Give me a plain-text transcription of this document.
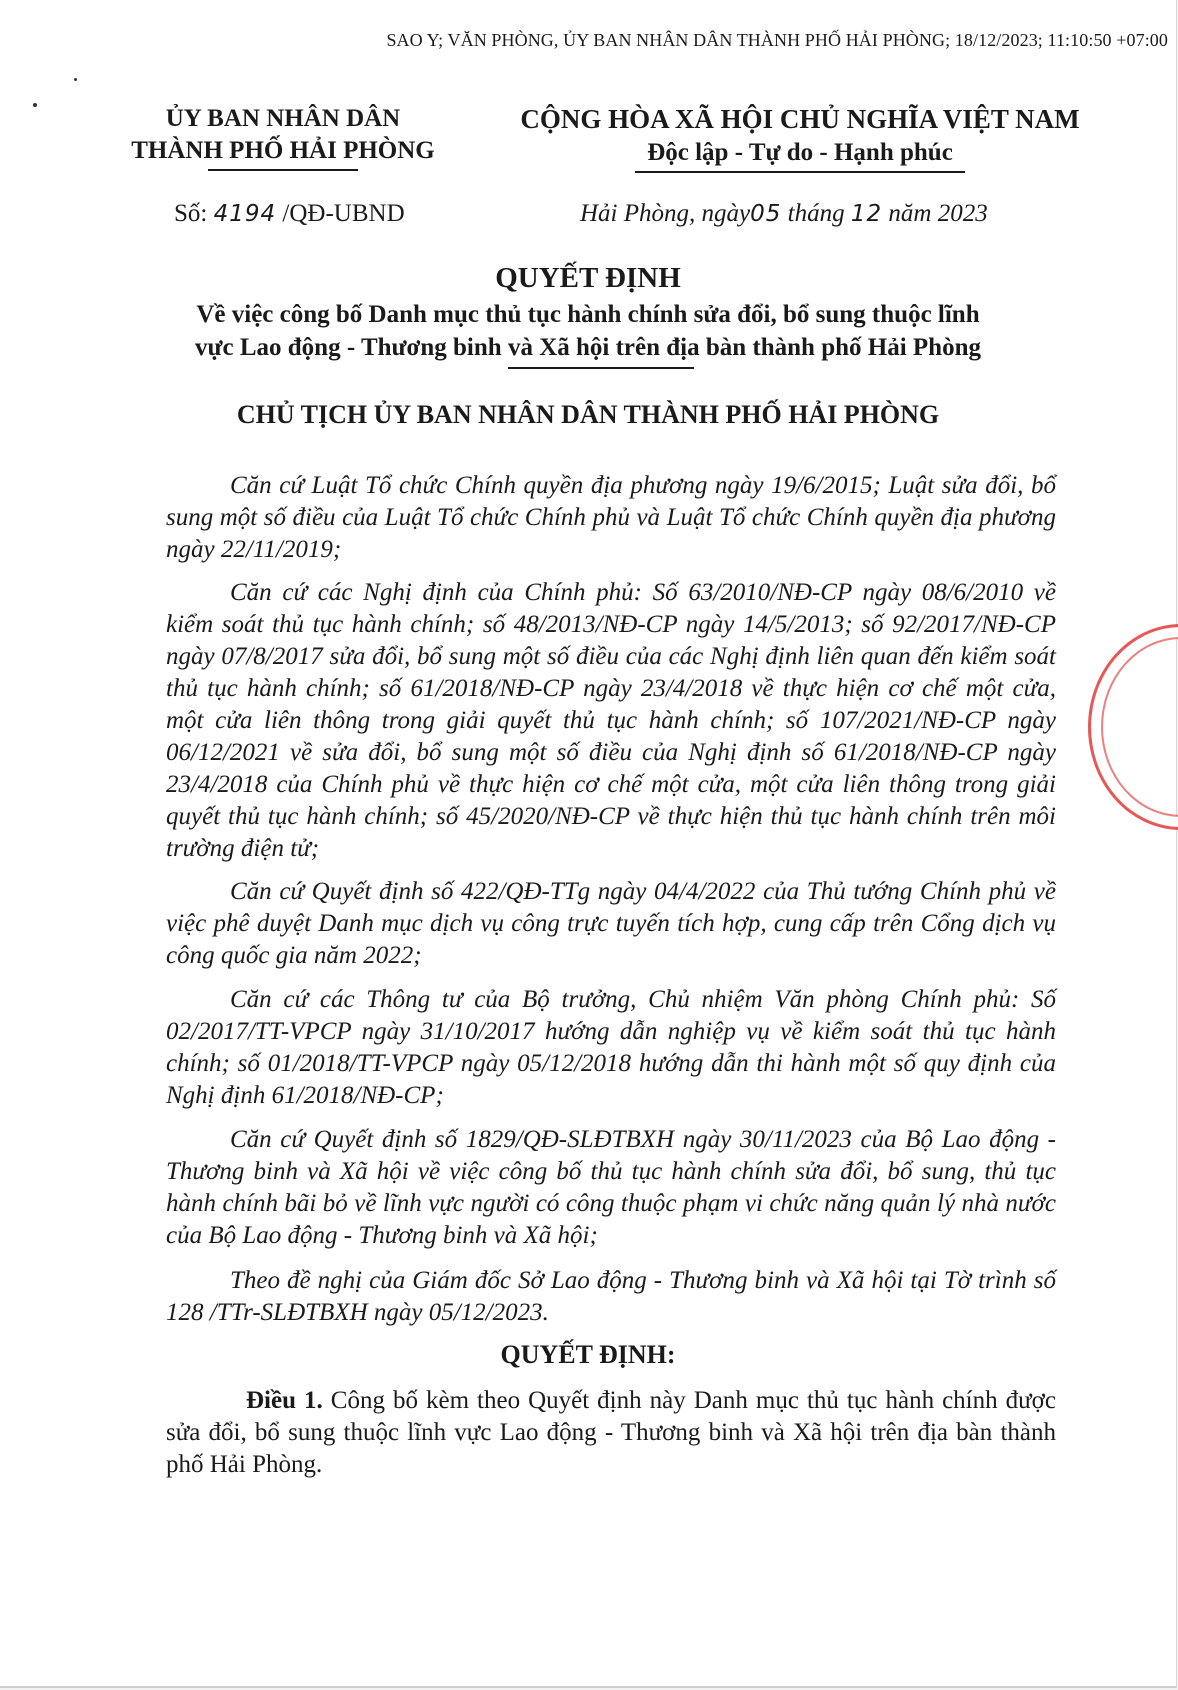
SAO Y; VĂN PHÒNG, ỦY BAN NHÂN DÂN THÀNH PHỐ HẢI PHÒNG; 18/12/2023; 11:10:50 +07:00
ỦY BAN NHÂN DÂN
THÀNH PHỐ HẢI PHÒNG
CỘNG HÒA XÃ HỘI CHỦ NGHĨA VIỆT NAM
Độc lập - Tự do - Hạnh phúc
Số: 4194 /QĐ-UBND	Hải Phòng, ngày05 tháng 12 năm 2023
QUYẾT ĐỊNH
Về việc công bố Danh mục thủ tục hành chính sửa đổi, bổ sung thuộc lĩnh
vực Lao động - Thương binh và Xã hội trên địa bàn thành phố Hải Phòng
CHỦ TỊCH ỦY BAN NHÂN DÂN THÀNH PHỐ HẢI PHÒNG
Căn cứ Luật Tổ chức Chính quyền địa phương ngày 19/6/2015; Luật sửa đổi, bổ sung một số điều của Luật Tổ chức Chính phủ và Luật Tổ chức Chính quyền địa phương ngày 22/11/2019;
Căn cứ các Nghị định của Chính phủ: Số 63/2010/NĐ-CP ngày 08/6/2010 về kiểm soát thủ tục hành chính; số 48/2013/NĐ-CP ngày 14/5/2013; số 92/2017/NĐ-CP ngày 07/8/2017 sửa đổi, bổ sung một số điều của các Nghị định liên quan đến kiểm soát thủ tục hành chính; số 61/2018/NĐ-CP ngày 23/4/2018 về thực hiện cơ chế một cửa, một cửa liên thông trong giải quyết thủ tục hành chính; số 107/2021/NĐ-CP ngày 06/12/2021 về sửa đổi, bổ sung một số điều của Nghị định số 61/2018/NĐ-CP ngày 23/4/2018 của Chính phủ về thực hiện cơ chế một cửa, một cửa liên thông trong giải quyết thủ tục hành chính; số 45/2020/NĐ-CP về thực hiện thủ tục hành chính trên môi trường điện tử;
Căn cứ Quyết định số 422/QĐ-TTg ngày 04/4/2022 của Thủ tướng Chính phủ về việc phê duyệt Danh mục dịch vụ công trực tuyến tích hợp, cung cấp trên Cổng dịch vụ công quốc gia năm 2022;
Căn cứ các Thông tư của Bộ trưởng, Chủ nhiệm Văn phòng Chính phủ: Số 02/2017/TT-VPCP ngày 31/10/2017 hướng dẫn nghiệp vụ về kiểm soát thủ tục hành chính; số 01/2018/TT-VPCP ngày 05/12/2018 hướng dẫn thi hành một số quy định của Nghị định 61/2018/NĐ-CP;
Căn cứ Quyết định số 1829/QĐ-SLĐTBXH ngày 30/11/2023 của Bộ Lao động - Thương binh và Xã hội về việc công bố thủ tục hành chính sửa đổi, bổ sung, thủ tục hành chính bãi bỏ về lĩnh vực người có công thuộc phạm vi chức năng quản lý nhà nước của Bộ Lao động - Thương binh và Xã hội;
Theo đề nghị của Giám đốc Sở Lao động - Thương binh và Xã hội tại Tờ trình số 128 /TTr-SLĐTBXH ngày 05/12/2023.
QUYẾT ĐỊNH:
Điều 1. Công bố kèm theo Quyết định này Danh mục thủ tục hành chính được sửa đổi, bổ sung thuộc lĩnh vực Lao động - Thương binh và Xã hội trên địa bàn thành phố Hải Phòng.
